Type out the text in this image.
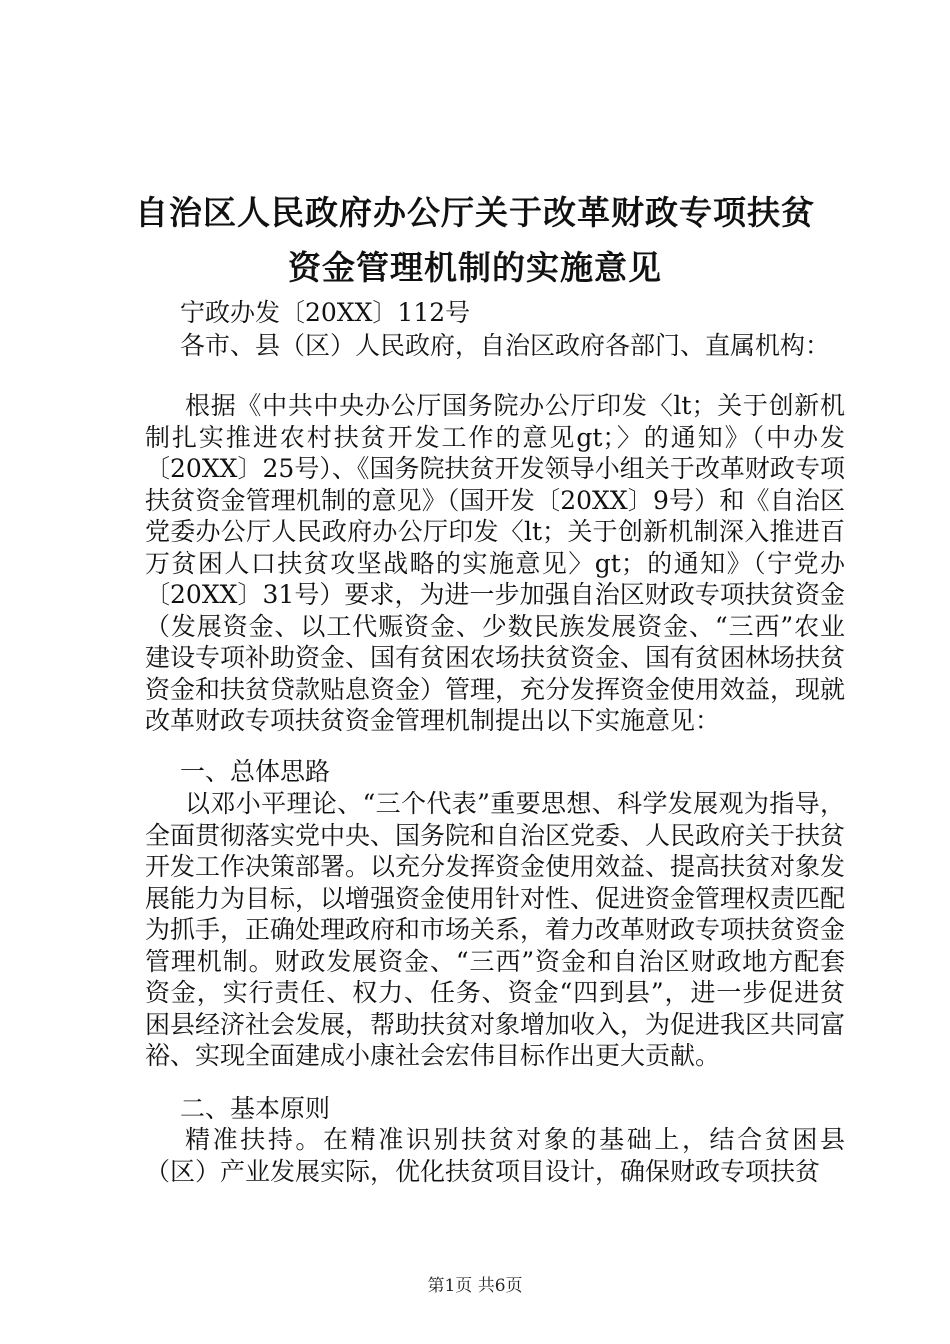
自治区人民政府办公厅关于改革财政专项扶贫
资金管理机制的实施意见

宁政办发〔20XX〕112号

各市、县（区）人民政府，自治区政府各部门、直属机构：

根据《中共中央办公厅国务院办公厅印发〈lt；关于创新机制扎实推进农村扶贫开发工作的意见gt；〉的通知》（中办发〔20XX〕25号）、《国务院扶贫开发领导小组关于改革财政专项扶贫资金管理机制的意见》（国开发〔20XX〕9号）和《自治区党委办公厅人民政府办公厅印发〈lt；关于创新机制深入推进百万贫困人口扶贫攻坚战略的实施意见〉gt；的通知》（宁党办〔20XX〕31号）要求，为进一步加强自治区财政专项扶贫资金（发展资金、以工代赈资金、少数民族发展资金、“三西”农业建设专项补助资金、国有贫困农场扶贫资金、国有贫困林场扶贫资金和扶贫贷款贴息资金）管理，充分发挥资金使用效益，现就改革财政专项扶贫资金管理机制提出以下实施意见：

一、总体思路

以邓小平理论、“三个代表”重要思想、科学发展观为指导，全面贯彻落实党中央、国务院和自治区党委、人民政府关于扶贫开发工作决策部署。以充分发挥资金使用效益、提高扶贫对象发展能力为目标，以增强资金使用针对性、促进资金管理权责匹配为抓手，正确处理政府和市场关系，着力改革财政专项扶贫资金管理机制。财政发展资金、“三西”资金和自治区财政地方配套资金，实行责任、权力、任务、资金“四到县”，进一步促进贫困县经济社会发展，帮助扶贫对象增加收入，为促进我区共同富裕、实现全面建成小康社会宏伟目标作出更大贡献。

二、基本原则

精准扶持。在精准识别扶贫对象的基础上，结合贫困县（区）产业发展实际，优化扶贫项目设计，确保财政专项扶贫

第1页 共6页
